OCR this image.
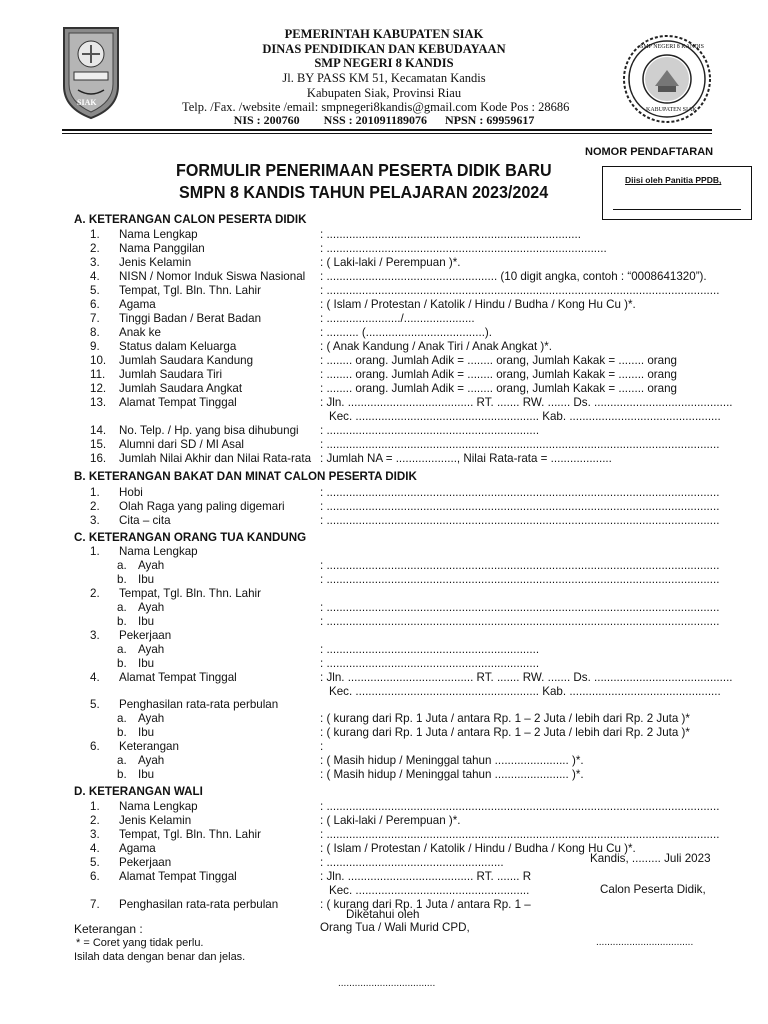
SIAK
SMP NEGERI 8 KANDIS
KABUPATEN SIAK
PEMERINTAH KABUPATEN SIAK
DINAS PENDIDIKAN DAN KEBUDAYAAN
SMP NEGERI 8 KANDIS
Jl. BY PASS KM 51, Kecamatan Kandis
Kabupaten Siak, Provinsi Riau
Telp. /Fax. /website /email: smpnegeri8kandis@gmail.com Kode Pos : 28686
NIS : 200760        NSS : 201091189076      NPSN : 69959617
FORMULIR PENERIMAAN PESERTA DIDIK BARU
SMPN 8 KANDIS TAHUN PELAJARAN 2023/2024
NOMOR PENDAFTARAN
Diisi oleh Panitia PPDB,
A. KETERANGAN CALON PESERTA DIDIK
B. KETERANGAN BAKAT DAN MINAT CALON PESERTA DIDIK
C. KETERANGAN ORANG TUA KANDUNG
D. KETERANGAN WALI
1. Nama Lengkap	: ...............................................................................
2. Nama Panggilan	: .......................................................................................
3. Jenis Kelamin	: ( Laki-laki / Perempuan )*.
4. NISN / Nomor Induk Siswa Nasional : ..................................................... (10 digit angka, contoh : “0008641320”).
5. Tempat, Tgl. Bln. Thn. Lahir	: ..........................................................................................................................
6. Agama	: ( Islam / Protestan / Katolik / Hindu / Budha / Kong Hu Cu )*.
7. Tinggi Badan / Berat Badan	: ......................./......................
8. Anak ke	: .......... (.....................................).
9. Status dalam Keluarga	: ( Anak Kandung / Anak Tiri / Anak Angkat )*.
10. Jumlah Saudara Kandung	: ........ orang. Jumlah Adik = ........ orang, Jumlah Kakak = ........ orang
11. Jumlah Saudara Tiri	: ........ orang. Jumlah Adik = ........ orang, Jumlah Kakak = ........ orang
12. Jumlah Saudara Angkat	: ........ orang. Jumlah Adik = ........ orang, Jumlah Kakak = ........ orang
13. Alamat Tempat Tinggal	: Jln. ....................................... RT. ....... RW. ....... Ds. ...........................................
Kec. ......................................................... Kab. ...............................................
14. No. Telp. / Hp. yang bisa dihubungi : ..................................................................
15. Alumni dari SD / MI Asal	: ..........................................................................................................................
16. Jumlah Nilai Akhir dan Nilai Rata-rata : Jumlah NA = ..................., Nilai Rata-rata = ...................
1. Hobi	: ..........................................................................................................................
2. Olah Raga yang paling digemari	: ..........................................................................................................................
3. Cita – cita	: ..........................................................................................................................
1. Nama Lengkap
a. Ayah	: ..........................................................................................................................
b. Ibu	: ..........................................................................................................................
2. Tempat, Tgl. Bln. Thn. Lahir
a. Ayah	: ..........................................................................................................................
b. Ibu	: ..........................................................................................................................
3. Pekerjaan
a. Ayah	: ..................................................................
b. Ibu	: ..................................................................
4. Alamat Tempat Tinggal	: Jln. ....................................... RT. ....... RW. ....... Ds. ...........................................
Kec. ......................................................... Kab. ...............................................
5. Penghasilan rata-rata perbulan
a. Ayah	: ( kurang dari Rp. 1 Juta / antara Rp. 1 – 2 Juta / lebih dari Rp. 2 Juta )*
b. Ibu	: ( kurang dari Rp. 1 Juta / antara Rp. 1 – 2 Juta / lebih dari Rp. 2 Juta )*
6. Keterangan	:
a. Ayah	: ( Masih hidup / Meninggal tahun ....................... )*.
b. Ibu	: ( Masih hidup / Meninggal tahun ....................... )*.
1. Nama Lengkap	: ..........................................................................................................................
2. Jenis Kelamin	: ( Laki-laki / Perempuan )*.
3. Tempat, Tgl. Bln. Thn. Lahir	: ..........................................................................................................................
4. Agama	: ( Islam / Protestan / Katolik / Hindu / Budha / Kong Hu Cu )*.
5. Pekerjaan	: .......................................................
6. Alamat Tempat Tinggal	: Jln. ....................................... RT. ....... R
Kec. ......................................................
7. Penghasilan rata-rata perbulan	: ( kurang dari Rp. 1 Juta / antara Rp. 1 –
Keterangan :
* = Coret yang tidak perlu.
Isilah data dengan benar dan jelas.
Kandis, ......... Juli 2023
Calon Peserta Didik,
Diketahui oleh
Orang Tua / Wali Murid CPD,
...................................
...................................
